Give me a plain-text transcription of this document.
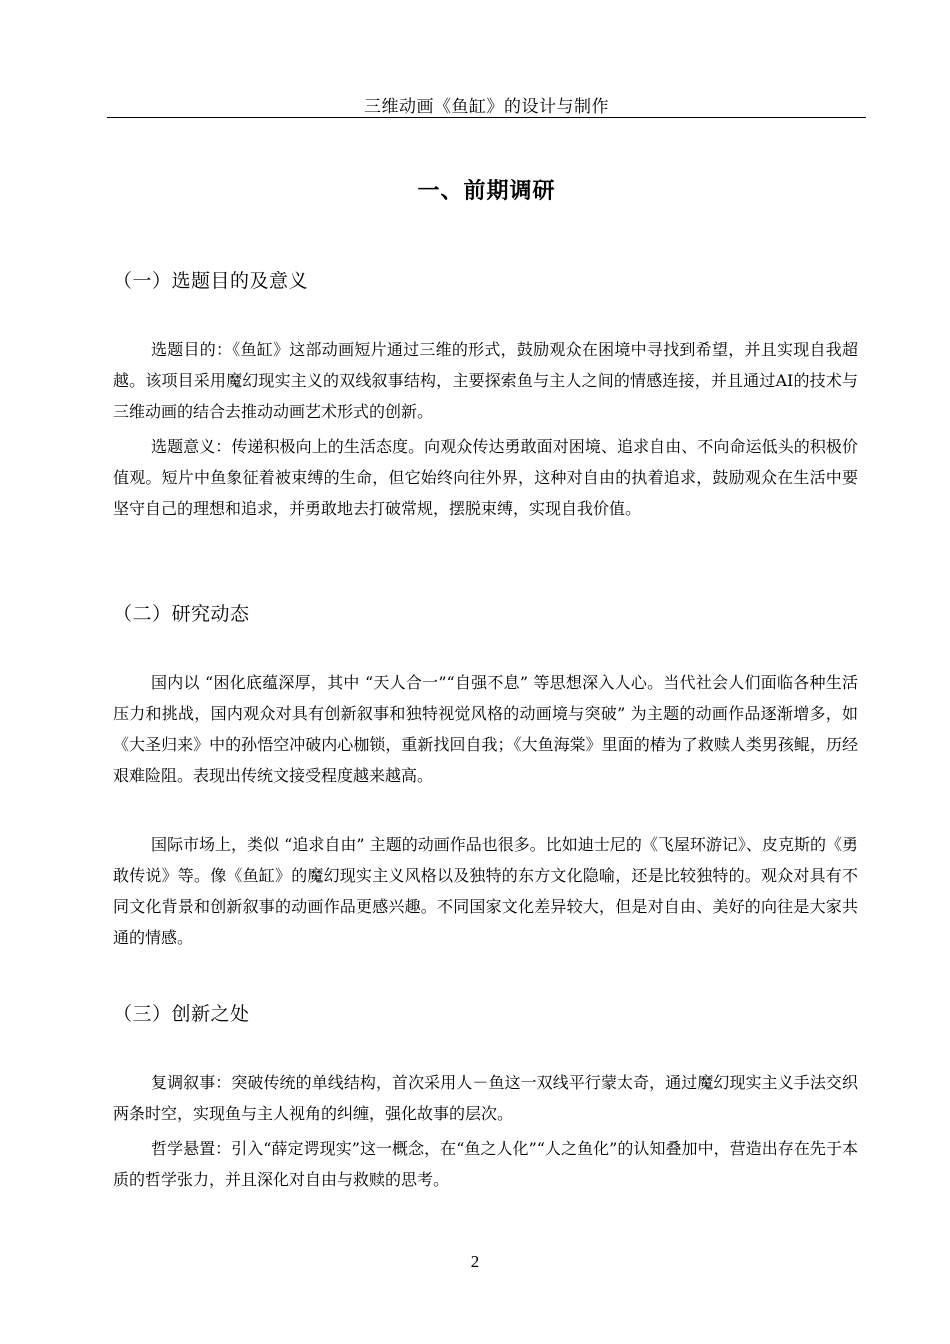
三维动画《鱼缸》的设计与制作
一、前期调研
（一）选题目的及意义

选题目的：《鱼缸》这部动画短片通过三维的形式，鼓励观众在困境中寻找到希望，并且实现自我超越。该项目采用魔幻现实主义的双线叙事结构，主要探索鱼与主人之间的情感连接，并且通过AI的技术与三维动画的结合去推动动画艺术形式的创新。

选题意义：传递积极向上的生活态度。向观众传达勇敢面对困境、追求自由、不向命运低头的积极价值观。短片中鱼象征着被束缚的生命，但它始终向往外界，这种对自由的执着追求，鼓励观众在生活中要坚守自己的理想和追求，并勇敢地去打破常规，摆脱束缚，实现自我价值。

（二）研究动态

国内以 “困化底蕴深厚，其中 “天人合一”“自强不息” 等思想深入人心。当代社会人们面临各种生活压力和挑战，国内观众对具有创新叙事和独特视觉风格的动画境与突破” 为主题的动画作品逐渐增多，如《大圣归来》中的孙悟空冲破内心枷锁，重新找回自我；《大鱼海棠》里面的椿为了救赎人类男孩鲲，历经艰难险阻。表现出传统文接受程度越来越高。

国际市场上，类似 “追求自由” 主题的动画作品也很多。比如迪士尼的《飞屋环游记》、皮克斯的《勇敢传说》等。像《鱼缸》的魔幻现实主义风格以及独特的东方文化隐喻，还是比较独特的。观众对具有不同文化背景和创新叙事的动画作品更感兴趣。不同国家文化差异较大，但是对自由、美好的向往是大家共通的情感。

（三）创新之处

复调叙事：突破传统的单线结构，首次采用人－鱼这一双线平行蒙太奇，通过魔幻现实主义手法交织两条时空，实现鱼与主人视角的纠缠，强化故事的层次。

哲学悬置：引入“薛定谔现实”这一概念，在“鱼之人化”“人之鱼化”的认知叠加中，营造出存在先于本质的哲学张力，并且深化对自由与救赎的思考。

2
